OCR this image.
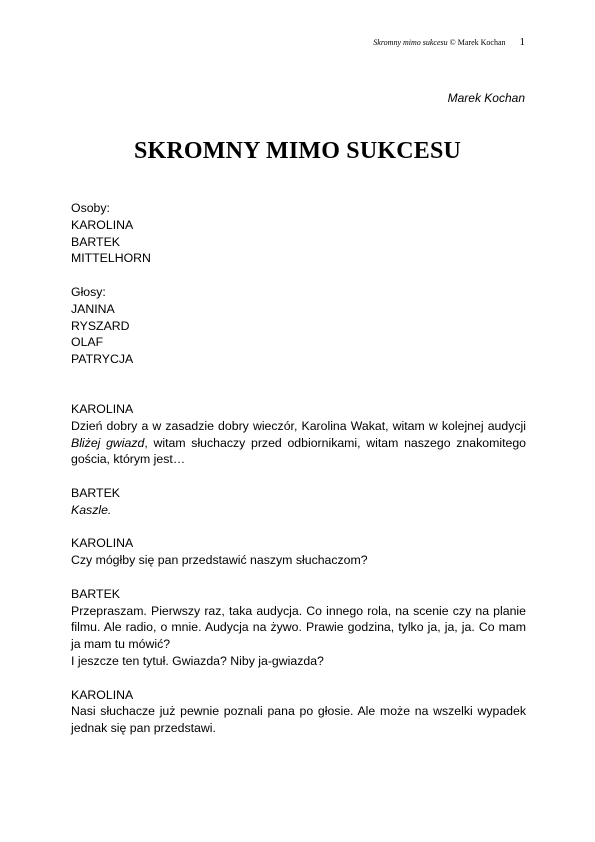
Skromny mimo sukcesu © Marek Kochan 1
Marek Kochan
SKROMNY MIMO SUKCESU
Osoby:
KAROLINA
BARTEK
MITTELHORN
Głosy:
JANINA
RYSZARD
OLAF
PATRYCJA
KAROLINA
Dzień dobry a w zasadzie dobry wieczór, Karolina Wakat, witam w kolejnej audycji Bliżej gwiazd, witam słuchaczy przed odbiornikami, witam naszego znakomitego gościa, którym jest…
BARTEK
Kaszle.
KAROLINA
Czy mógłby się pan przedstawić naszym słuchaczom?
BARTEK
Przepraszam. Pierwszy raz, taka audycja. Co innego rola, na scenie czy na planie filmu. Ale radio, o mnie. Audycja na żywo. Prawie godzina, tylko ja, ja, ja. Co mam ja mam tu mówić?
I jeszcze ten tytuł. Gwiazda? Niby ja-gwiazda?
KAROLINA
Nasi słuchacze już pewnie poznali pana po głosie. Ale może na wszelki wypadek jednak się pan przedstawi.
